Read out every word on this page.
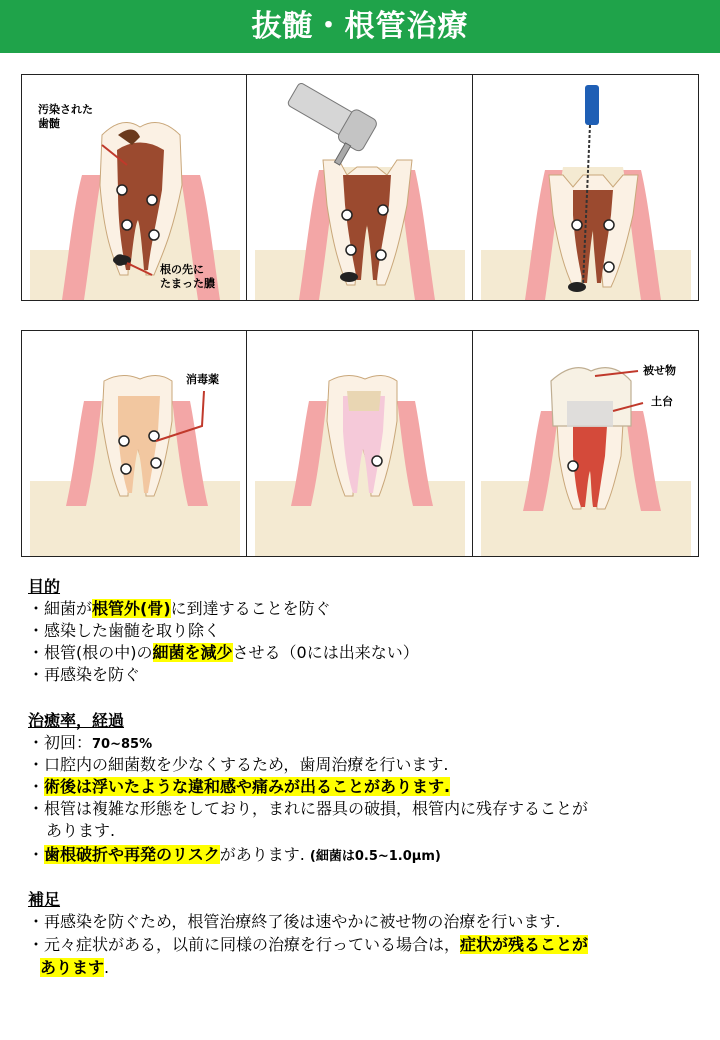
抜髄・根管治療
汚染された
歯髄
根の先に
たまった膿
消毒薬
被せ物
土台
目的
・細菌が根管外(骨)に到達することを防ぐ
・感染した歯髄を取り除く
・根管(根の中)の細菌を減少させる（0には出来ない）
・再感染を防ぐ
治癒率，経過
・初回：70~85%
・口腔内の細菌数を少なくするため，歯周治療を行います.
・術後は浮いたような違和感や痛みが出ることがあります.
・根管は複雑な形態をしており，まれに器具の破損，根管内に残存することが
あります.
・歯根破折や再発のリスクがあります. (細菌は0.5~1.0μm)
補足
・再感染を防ぐため，根管治療終了後は速やかに被せ物の治療を行います.
・元々症状がある，以前に同様の治療を行っている場合は，症状が残ることが
あります.
